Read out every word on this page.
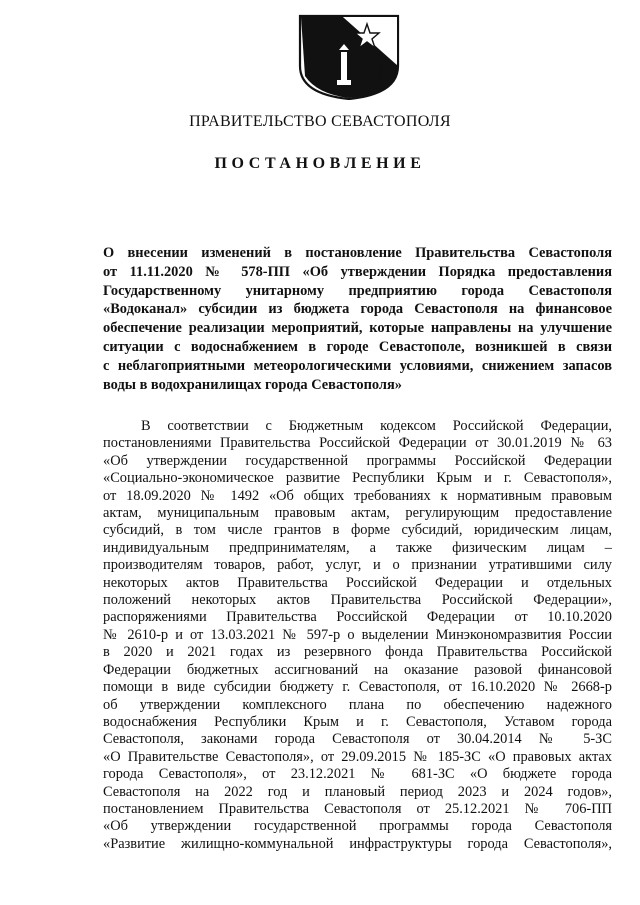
ПРАВИТЕЛЬСТВО СЕВАСТОПОЛЯ
ПОСТАНОВЛЕНИЕ
О внесении изменений в постановление Правительства Севастополя
от 11.11.2020 № 578-ПП «Об утверждении Порядка предоставления
Государственному унитарному предприятию города Севастополя
«Водоканал» субсидии из бюджета города Севастополя на финансовое
обеспечение реализации мероприятий, которые направлены на улучшение
ситуации с водоснабжением в городе Севастополе, возникшей в связи
с неблагоприятными метеорологическими условиями, снижением запасов
воды в водохранилищах города Севастополя»
В соответствии с Бюджетным кодексом Российской Федерации,
постановлениями Правительства Российской Федерации от 30.01.2019 № 63
«Об утверждении государственной программы Российской Федерации
«Социально-экономическое развитие Республики Крым и г. Севастополя»,
от 18.09.2020 № 1492 «Об общих требованиях к нормативным правовым
актам, муниципальным правовым актам, регулирующим предоставление
субсидий, в том числе грантов в форме субсидий, юридическим лицам,
индивидуальным предпринимателям, а также физическим лицам –
производителям товаров, работ, услуг, и о признании утратившими силу
некоторых актов Правительства Российской Федерации и отдельных
положений некоторых актов Правительства Российской Федерации»,
распоряжениями Правительства Российской Федерации от 10.10.2020
№ 2610-р и от 13.03.2021 № 597-р о выделении Минэкономразвития России
в 2020 и 2021 годах из резервного фонда Правительства Российской
Федерации бюджетных ассигнований на оказание разовой финансовой
помощи в виде субсидии бюджету г. Севастополя, от 16.10.2020 № 2668-р
об утверждении комплексного плана по обеспечению надежного
водоснабжения Республики Крым и г. Севастополя, Уставом города
Севастополя, законами города Севастополя от 30.04.2014 № 5-ЗС
«О Правительстве Севастополя», от 29.09.2015 № 185-ЗС «О правовых актах
города Севастополя», от 23.12.2021 № 681-ЗС «О бюджете города
Севастополя на 2022 год и плановый период 2023 и 2024 годов»,
постановлением Правительства Севастополя от 25.12.2021 № 706-ПП
«Об утверждении государственной программы города Севастополя
«Развитие жилищно-коммунальной инфраструктуры города Севастополя»,
